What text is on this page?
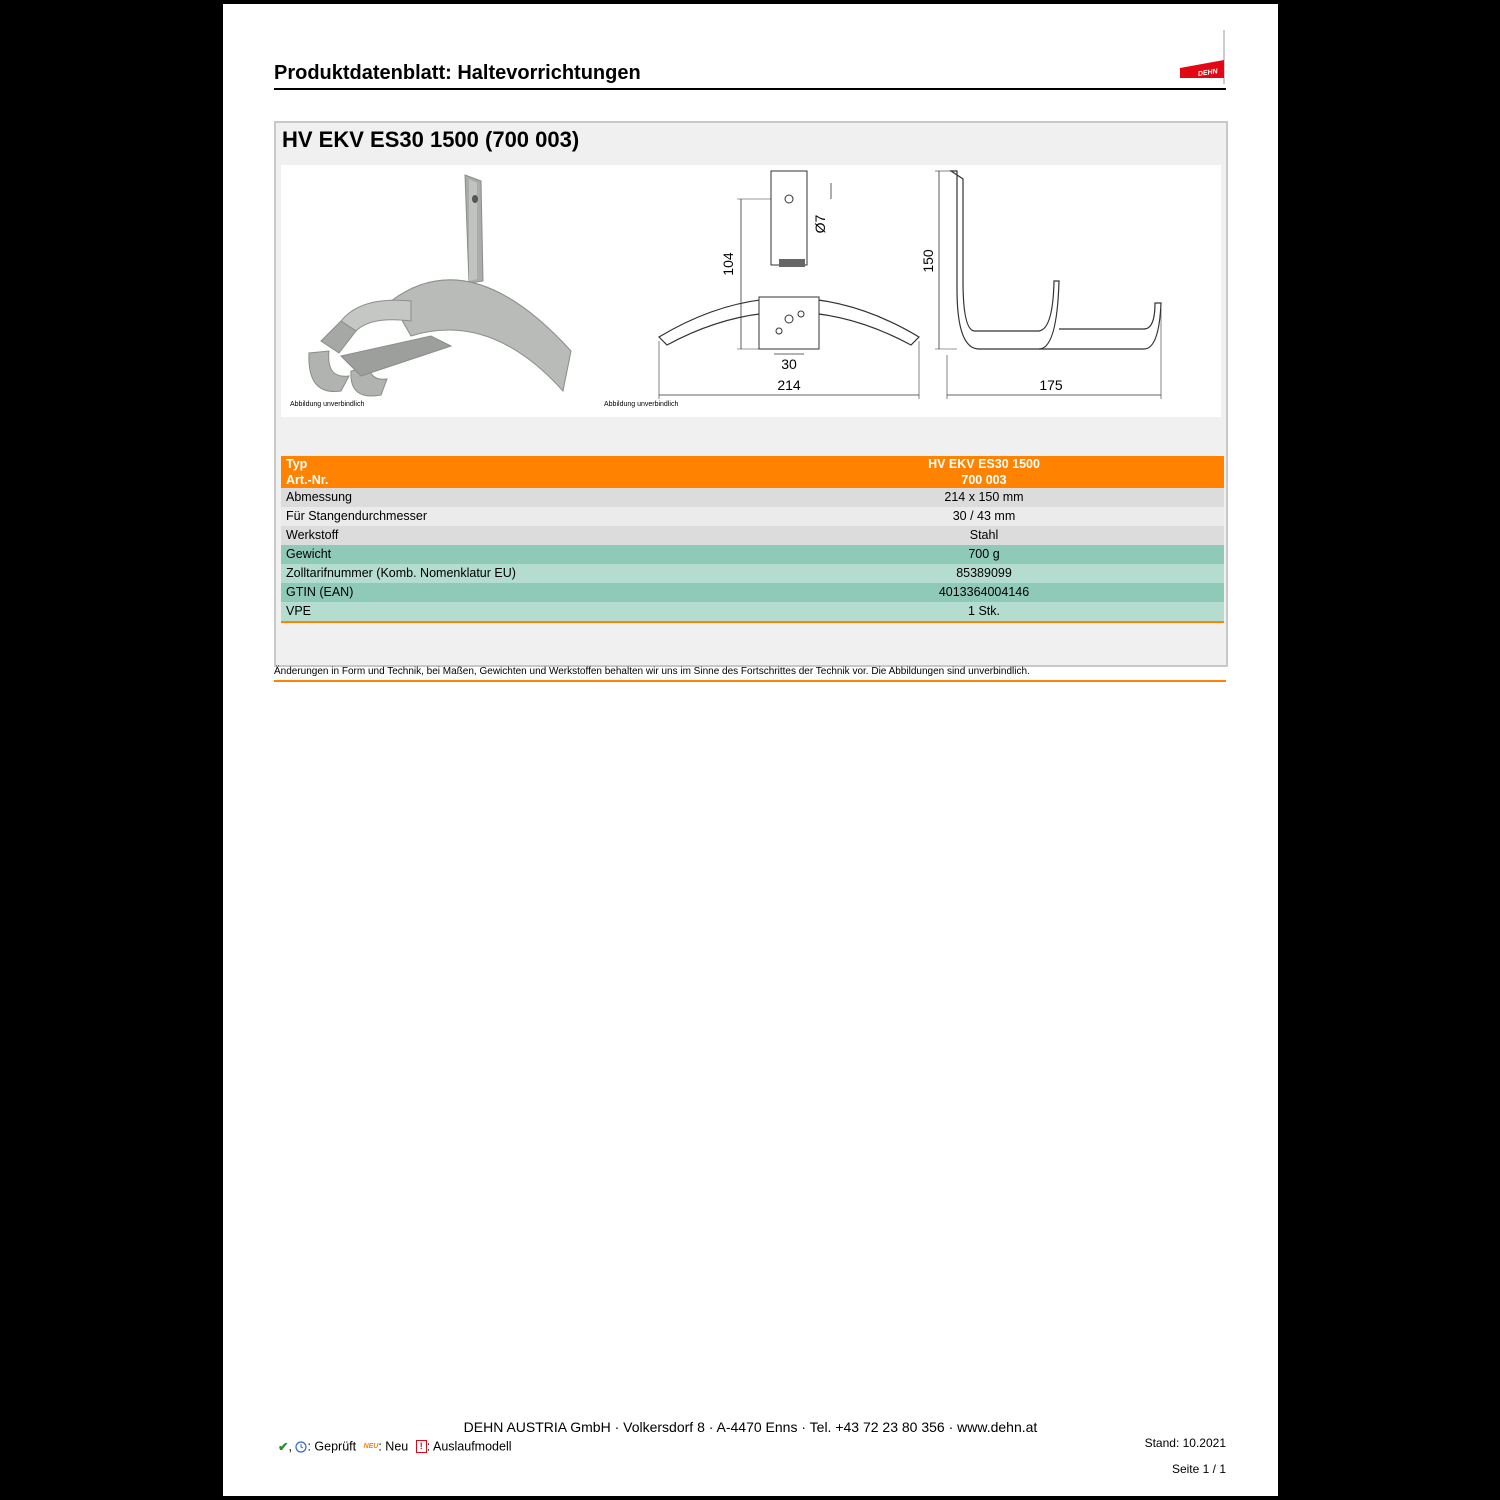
Produktdatenblatt: Haltevorrichtungen	DEHN
HV EKV ES30 1500 (700 003)
Abbildung unverbindlich
104
Ø7
30
214
150
175
Abbildung unverbindlich
Typ	HV EKV ES30 1500
Art.-Nr.	700 003
Abmessung	214 x 150 mm
Für Stangendurchmesser	30 / 43 mm
Werkstoff	Stahl
Gewicht	700 g
Zolltarifnummer (Komb. Nomenklatur EU)	85389099
GTIN (EAN)	4013364004146
VPE	1 Stk.
Änderungen in Form und Technik, bei Maßen, Gewichten und Werkstoffen behalten wir uns im Sinne des Fortschrittes der Technik vor. Die Abbildungen sind unverbindlich.
DEHN AUSTRIA GmbH · Volkersdorf 8 · A-4470 Enns · Tel. +43 72 23 80 356 · www.dehn.at
✔, : Geprüft NEU: Neu ! : Auslaufmodell	Stand: 10.2021
Seite 1 / 1
